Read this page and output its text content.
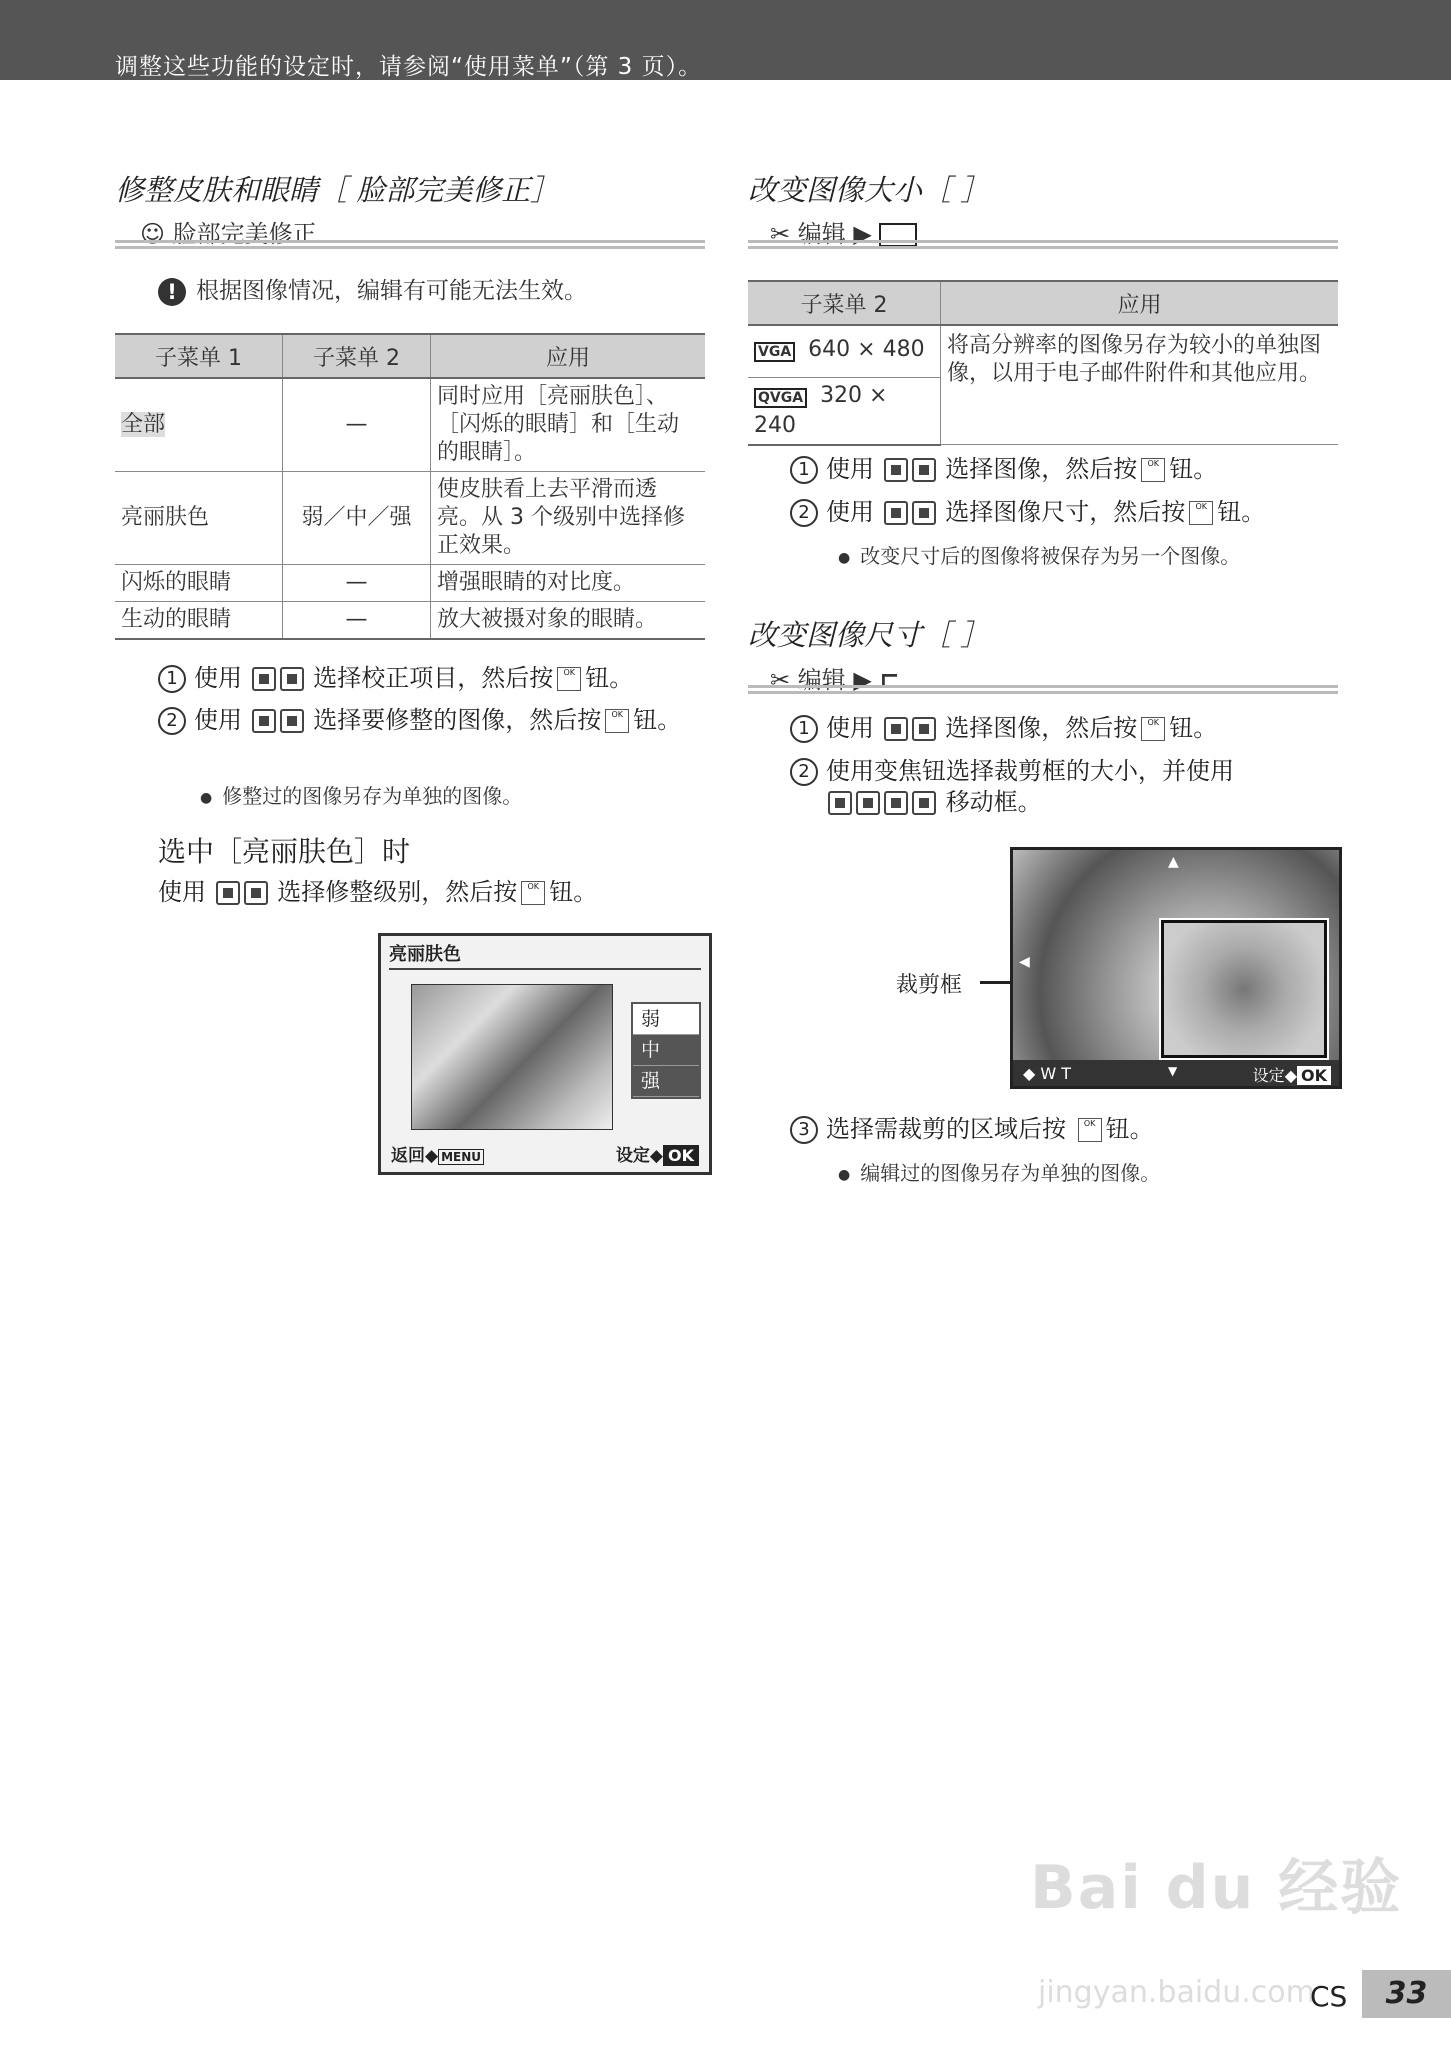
调整这些功能的设定时，请参阅“使用菜单”（第 3 页）。
修整皮肤和眼睛［ 脸部完美修正］
☺ 脸部完美修正
! 根据图像情况，编辑有可能无法生效。
子菜单 1	子菜单 2	应用
全部	—	同时应用［亮丽肤色］、［闪烁的眼睛］和［生动的眼睛］。
亮丽肤色	弱／中／强	使皮肤看上去平滑而透亮。从 3 个级别中选择修正效果。
闪烁的眼睛	—	增强眼睛的对比度。
生动的眼睛	—	放大被摄对象的眼睛。
1 使用	选择校正项目，然后按 OK 钮。
2 使用	选择要修整的图像，然后按 OK 钮。
● 修整过的图像另存为单独的图像。
选中［亮丽肤色］时
使用	选择修整级别，然后按 OK 钮。
亮丽肤色
弱
中
强
返回◆ MENU	设定◆ OK
改变图像大小［ ］
✂ 编辑 ▶
子菜单 2	应用
VGA 640 × 480	将高分辨率的图像另存为较小的单独图像，以用于电子邮件附件和其他应用。
QVGA 320 × 240	
1 使用	选择图像，然后按 OK 钮。
2 使用	选择图像尺寸，然后按 OK 钮。
● 改变尺寸后的图像将被保存为另一个图像。
改变图像尺寸［ ］
✂ 编辑 ▶ ⊏
1 使用	选择图像，然后按 OK 钮。
2 使用变焦钮选择裁剪框的大小，并使用
移动框。
裁剪框
▲
◀
◆ W T	▼	设定◆ OK
3 选择需裁剪的区域后按 OK 钮。
● 编辑过的图像另存为单独的图像。
Bai du 经验
jingyan.baidu.com
CS	33
